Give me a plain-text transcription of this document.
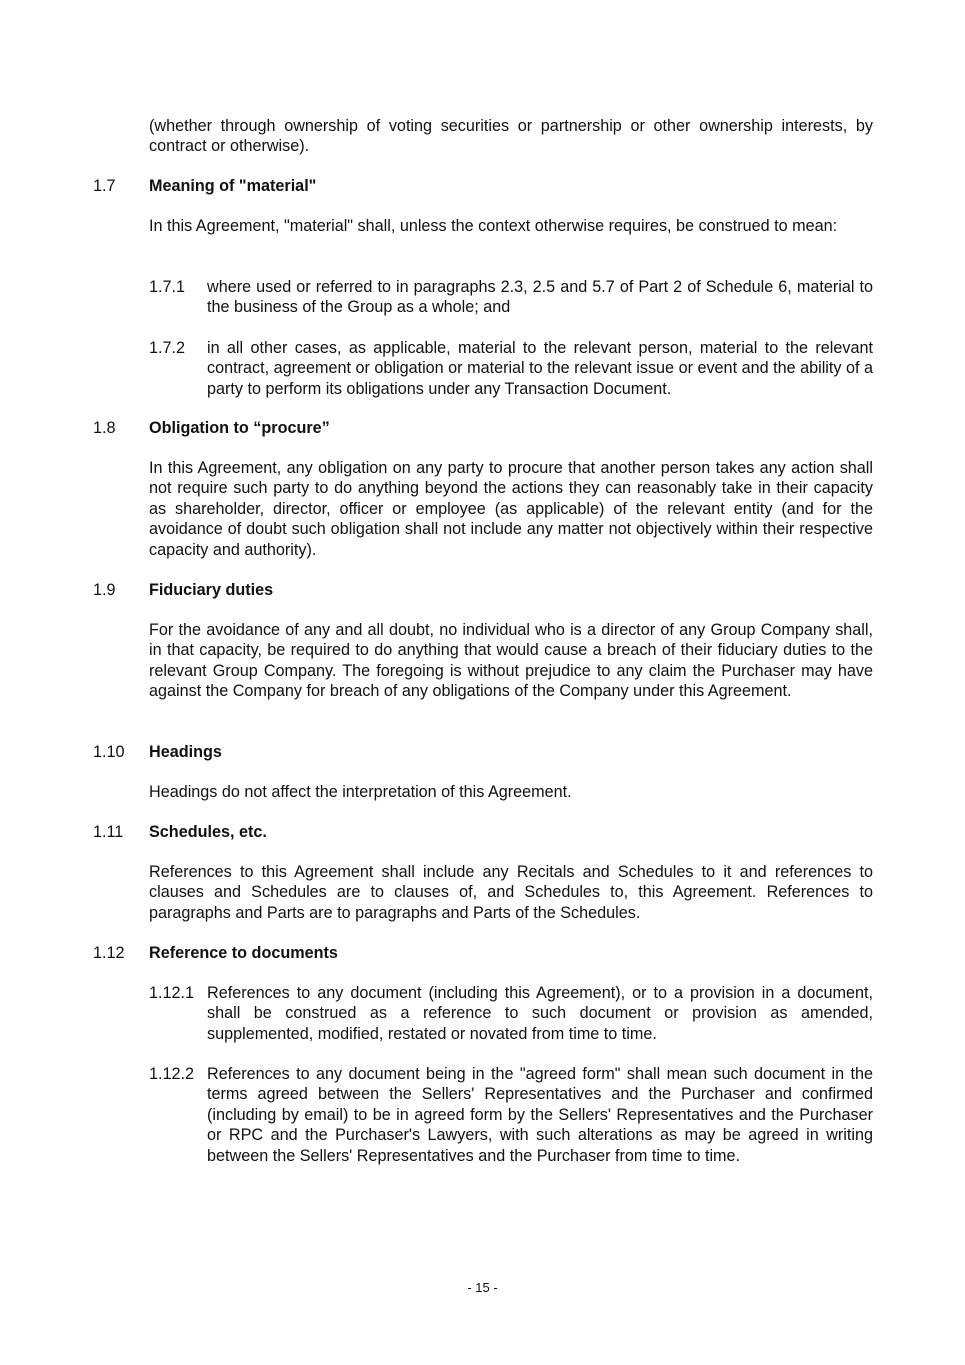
(whether through ownership of voting securities or partnership or other ownership interests, by contract or otherwise).

1.7 Meaning of "material"

In this Agreement, "material" shall, unless the context otherwise requires, be construed to mean:

1.7.1 where used or referred to in paragraphs 2.3, 2.5 and 5.7 of Part 2 of Schedule 6, material to the business of the Group as a whole; and
1.7.2 in all other cases, as applicable, material to the relevant person, material to the relevant contract, agreement or obligation or material to the relevant issue or event and the ability of a party to perform its obligations under any Transaction Document.
1.8 Obligation to “procure”

In this Agreement, any obligation on any party to procure that another person takes any action shall not require such party to do anything beyond the actions they can reasonably take in their capacity as shareholder, director, officer or employee (as applicable) of the relevant entity (and for the avoidance of doubt such obligation shall not include any matter not objectively within their respective capacity and authority).

1.9 Fiduciary duties

For the avoidance of any and all doubt, no individual who is a director of any Group Company shall, in that capacity, be required to do anything that would cause a breach of their fiduciary duties to the relevant Group Company. The foregoing is without prejudice to any claim the Purchaser may have against the Company for breach of any obligations of the Company under this Agreement.

1.10 Headings

Headings do not affect the interpretation of this Agreement.

1.11 Schedules, etc.

References to this Agreement shall include any Recitals and Schedules to it and references to clauses and Schedules are to clauses of, and Schedules to, this Agreement. References to paragraphs and Parts are to paragraphs and Parts of the Schedules.

1.12 Reference to documents
1.12.1 References to any document (including this Agreement), or to a provision in a document, shall be construed as a reference to such document or provision as amended, supplemented, modified, restated or novated from time to time.
1.12.2 References to any document being in the "agreed form" shall mean such document in the terms agreed between the Sellers' Representatives and the Purchaser and confirmed (including by email) to be in agreed form by the Sellers' Representatives and the Purchaser or RPC and the Purchaser's Lawyers, with such alterations as may be agreed in writing between the Sellers' Representatives and the Purchaser from time to time.
- 15 -
